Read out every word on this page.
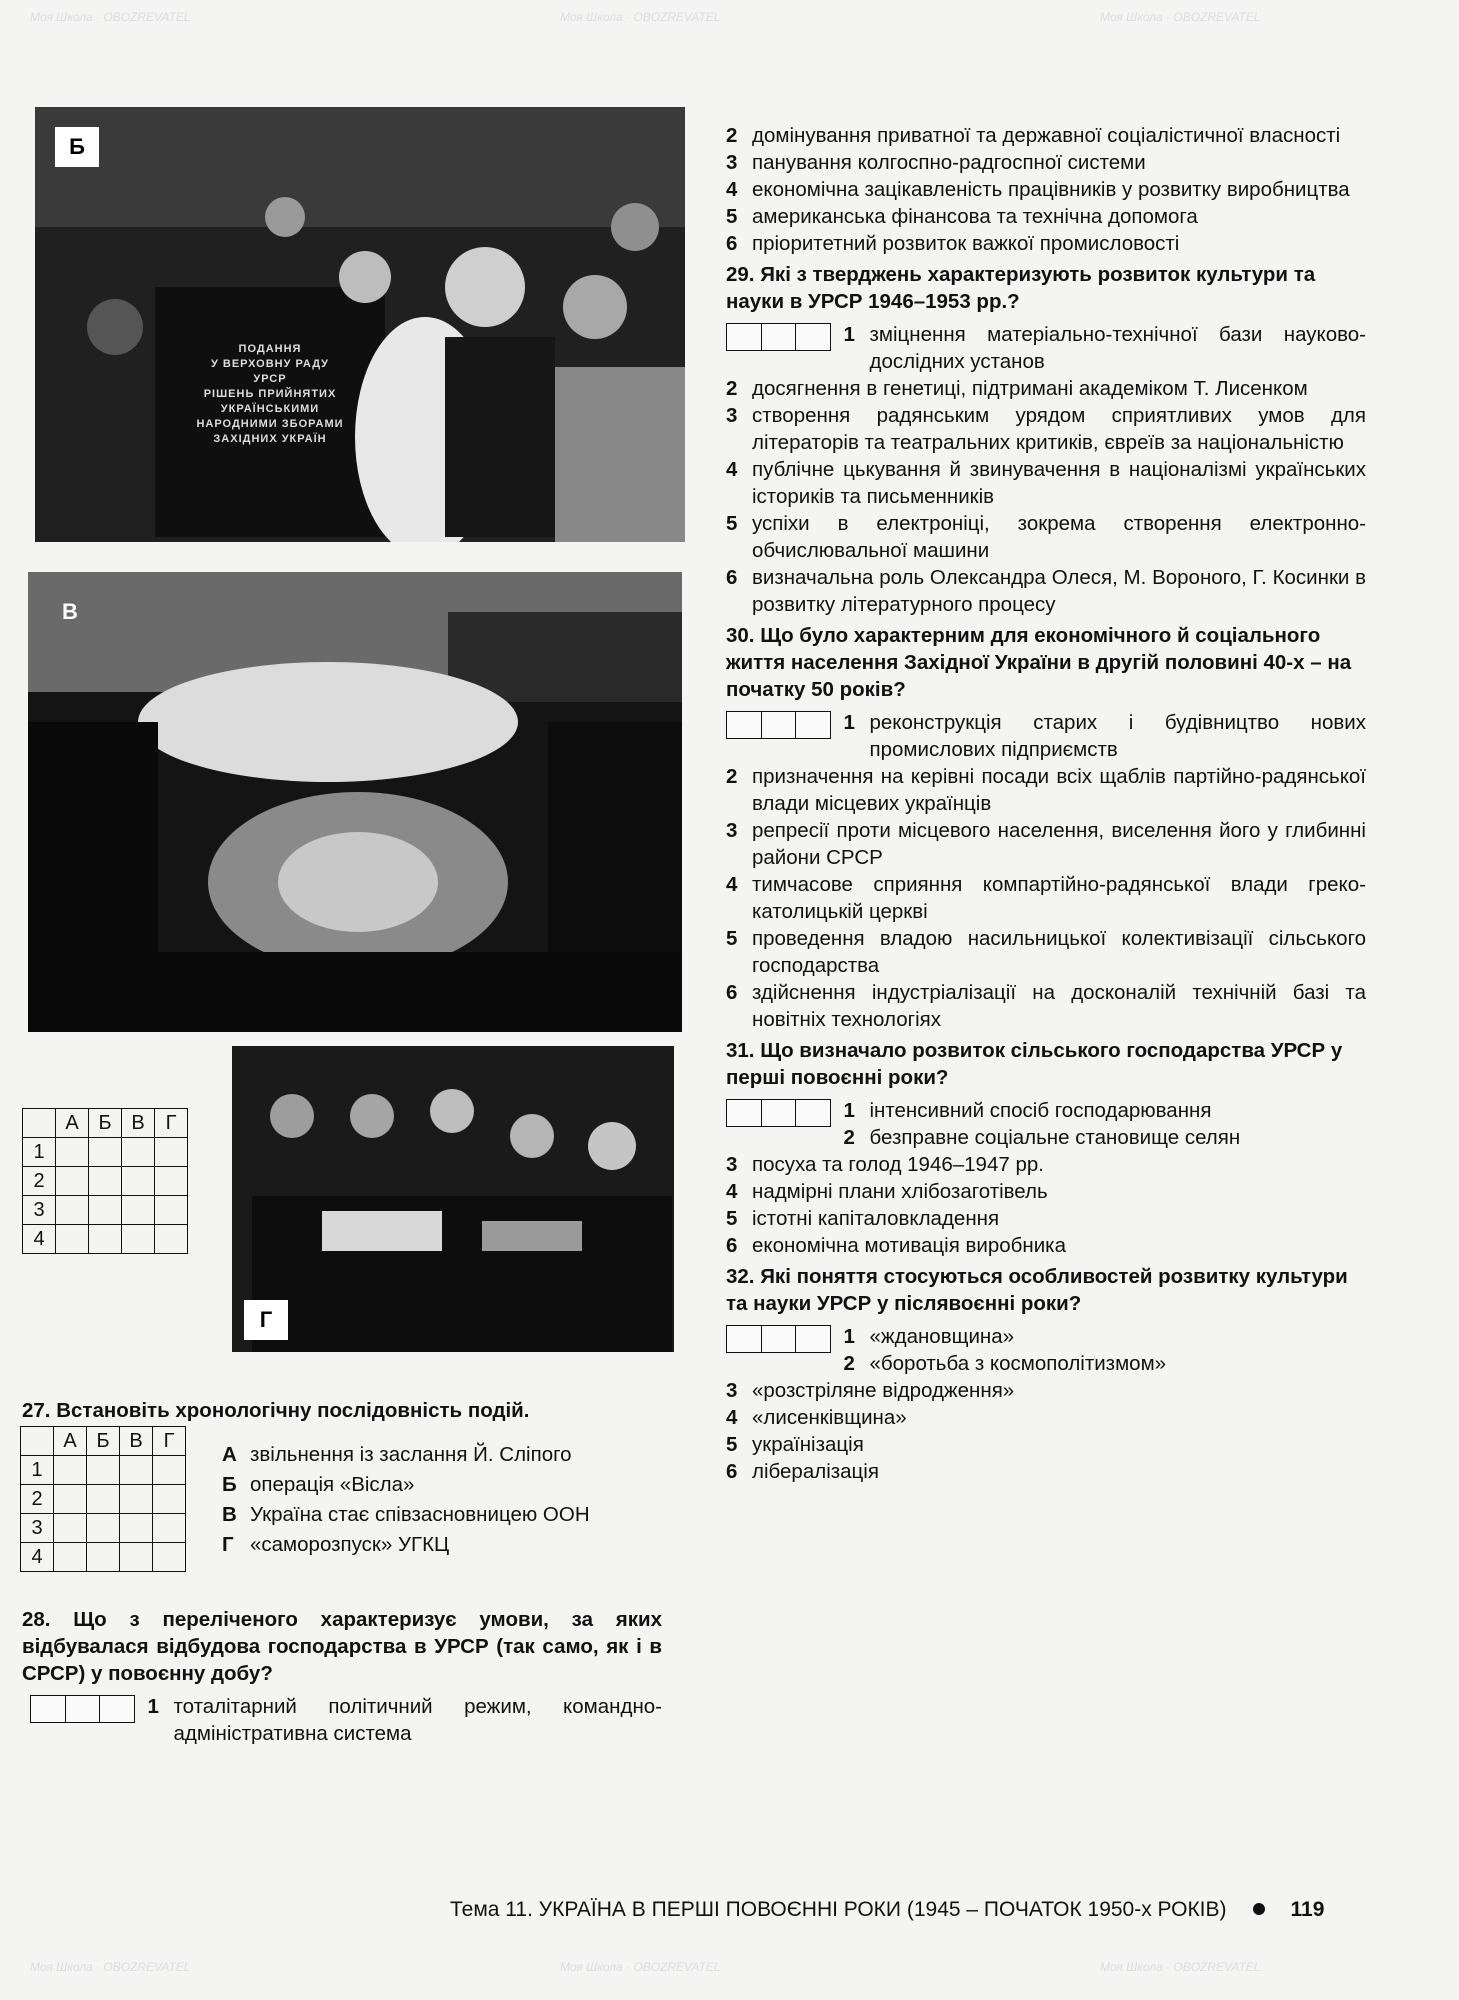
Моя Школа · OBOZREVATEL	Моя Школа · OBOZREVATEL	Моя Школа · OBOZREVATEL
Моя Школа · OBOZREVATEL	Моя Школа · OBOZREVATEL	Моя Школа · OBOZREVATEL
Б
ПОДАННЯ
У ВЕРХОВНУ РАДУ
УРСР
РІШЕНЬ ПРИЙНЯТИХ
УКРАЇНСЬКИМИ
НАРОДНИМИ ЗБОРАМИ
ЗАХІДНИХ УКРАЇН
В
Г
	А	Б	В	Г
1				
2				
3				
4				
27. Встановіть хронологічну послідовність подій.
	А	Б	В	Г
1				
2				
3				
4				
А звільнення із заслання Й. Сліпого
Б операція «Вісла»
В Україна стає співзасновницею ООН
Г «саморозпуск» УГКЦ
28. Що з переліченого характеризує умови, за яких відбувалася відбудова господарства в УРСР (так само, як і в СРСР) у повоєнну добу?
1 тоталітарний політичний режим, командно-адміністративна система
2 домінування приватної та державної соціалістичної власності
3 панування колгоспно-радгоспної системи
4 економічна зацікавленість працівників у розвитку виробництва
5 американська фінансова та технічна допомога
6 пріоритетний розвиток важкої промисловості
29. Які з тверджень характеризують розвиток культури та науки в УРСР 1946–1953 рр.?
1 зміцнення матеріально-технічної бази науково-дослідних установ
2 досягнення в генетиці, підтримані академіком Т. Лисенком
3 створення радянським урядом сприятливих умов для літераторів та театральних критиків, євреїв за національністю
4 публічне цькування й звинувачення в націоналізмі українських істориків та письменників
5 успіхи в електроніці, зокрема створення електронно-обчислювальної машини
6 визначальна роль Олександра Олеся, М. Вороного, Г. Косинки в розвитку літературного процесу
30. Що було характерним для економічного й соціального життя населення Західної України в другій половині 40-х – на початку 50 років?
1 реконструкція старих і будівництво нових промислових підприємств
2 призначення на керівні посади всіх щаблів партійно-радянської влади місцевих українців
3 репресії проти місцевого населення, виселення його у глибинні райони СРСР
4 тимчасове сприяння компартійно-радянської влади греко-католицькій церкві
5 проведення владою насильницької колективізації сільського господарства
6 здійснення індустріалізації на досконалій технічній базі та новітніх технологіях
31. Що визначало розвиток сільського господарства УРСР у перші повоєнні роки?
1 інтенсивний спосіб господарювання
2 безправне соціальне становище селян
3 посуха та голод 1946–1947 рр.
4 надмірні плани хлібозаготівель
5 істотні капіталовкладення
6 економічна мотивація виробника
32. Які поняття стосуються особливостей розвитку культури та науки УРСР у післявоєнні роки?
1 «ждановщина»
2 «боротьба з космополітизмом»
3 «розстріляне відродження»
4 «лисенківщина»
5 українізація
6 лібералізація
Тема 11. УКРАЇНА В ПЕРШІ ПОВОЄННІ РОКИ (1945 – ПОЧАТОК 1950-х РОКІВ)	119
